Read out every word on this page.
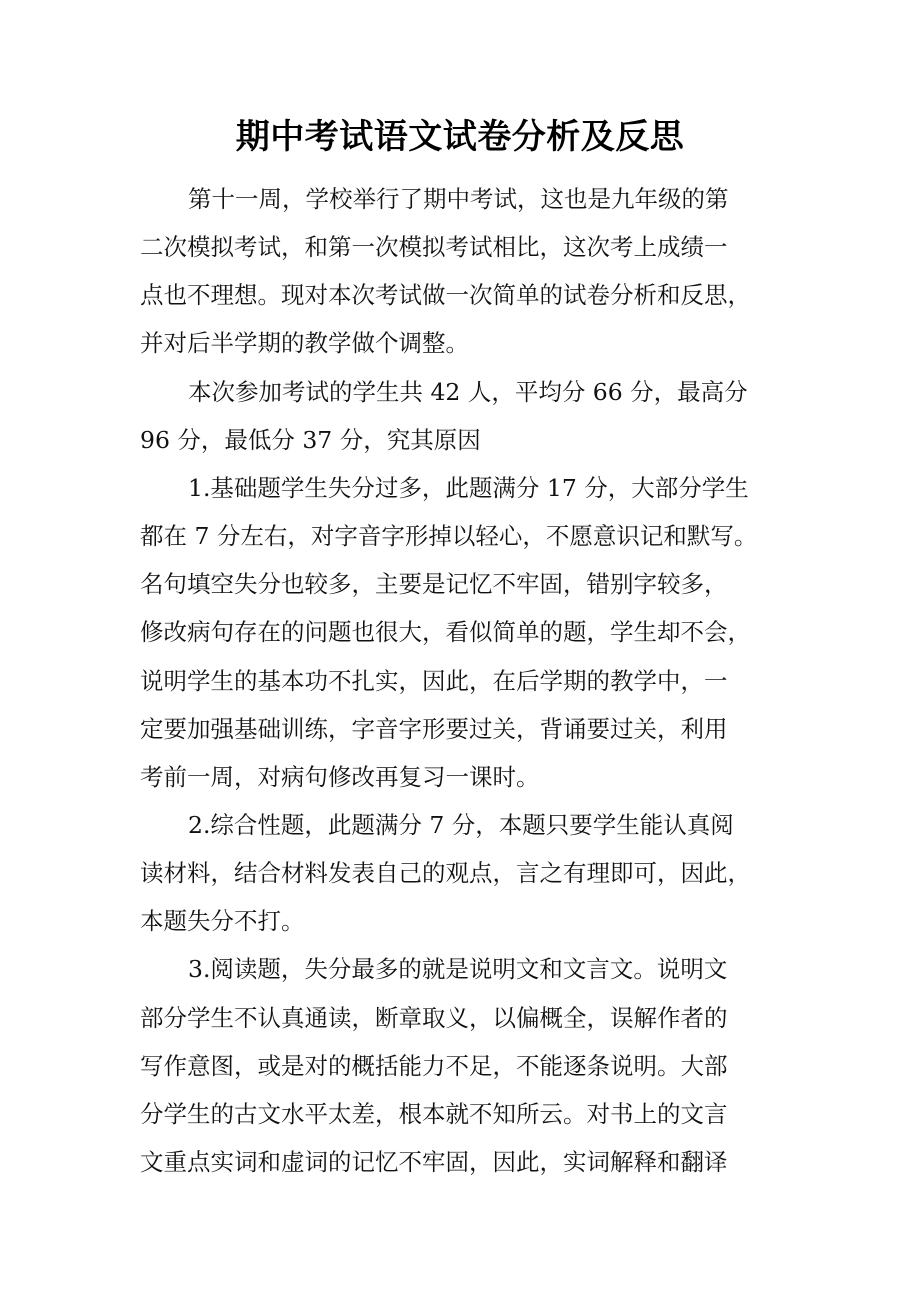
期中考试语文试卷分析及反思
第十一周，学校举行了期中考试，这也是九年级的第
二次模拟考试，和第一次模拟考试相比，这次考上成绩一
点也不理想。现对本次考试做一次简单的试卷分析和反思，
并对后半学期的教学做个调整。
本次参加考试的学生共 42 人，平均分 66 分，最高分
96 分，最低分 37 分，究其原因
1.基础题学生失分过多，此题满分 17 分，大部分学生
都在 7 分左右，对字音字形掉以轻心，不愿意识记和默写。
名句填空失分也较多，主要是记忆不牢固，错别字较多，
修改病句存在的问题也很大，看似简单的题，学生却不会，
说明学生的基本功不扎实，因此，在后学期的教学中，一
定要加强基础训练，字音字形要过关，背诵要过关，利用
考前一周，对病句修改再复习一课时。
2.综合性题，此题满分 7 分，本题只要学生能认真阅
读材料，结合材料发表自己的观点，言之有理即可，因此，
本题失分不打。
3.阅读题，失分最多的就是说明文和文言文。说明文
部分学生不认真通读，断章取义，以偏概全，误解作者的
写作意图，或是对的概括能力不足，不能逐条说明。大部
分学生的古文水平太差，根本就不知所云。对书上的文言
文重点实词和虚词的记忆不牢固，因此，实词解释和翻译
